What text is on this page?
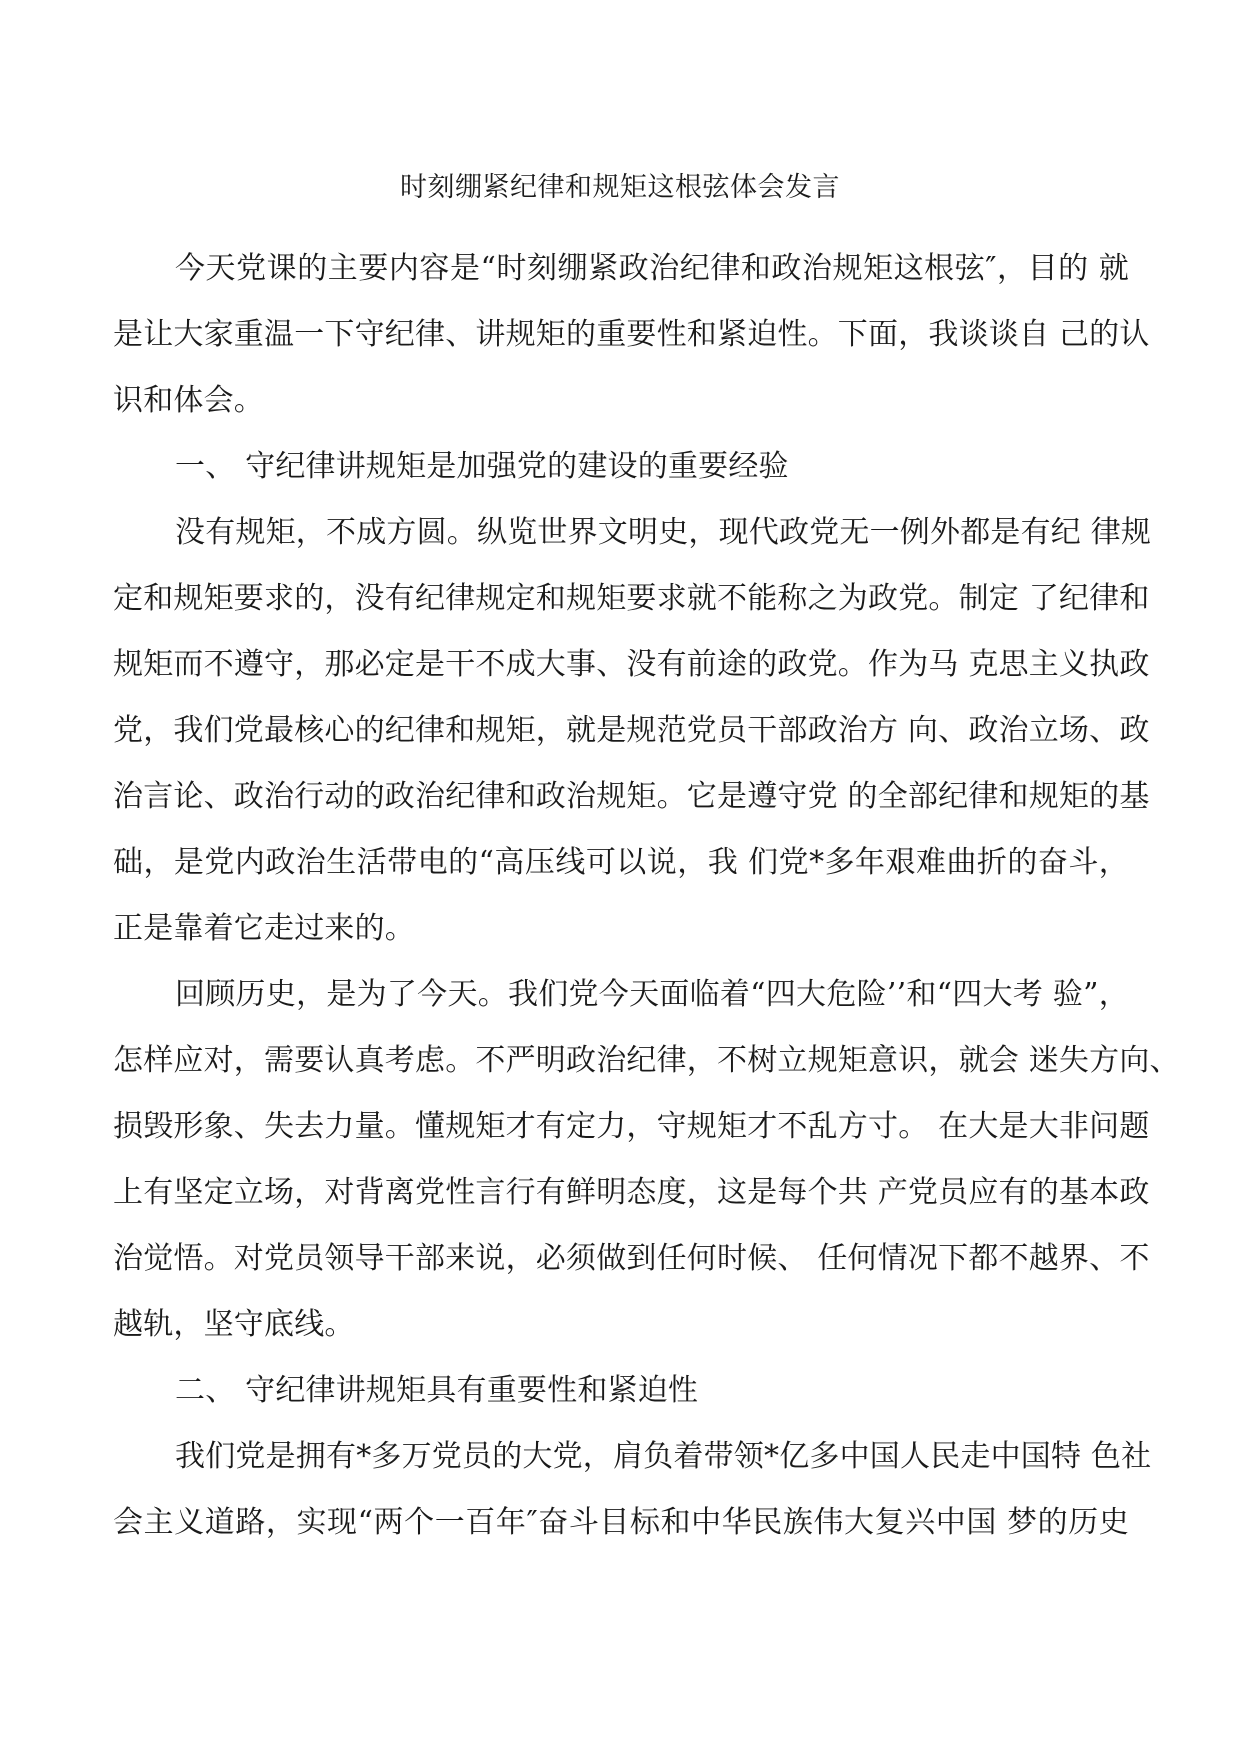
时刻绷紧纪律和规矩这根弦体会发言

今天党课的主要内容是“时刻绷紧政治纪律和政治规矩这根弦″，目的 就
是让大家重温一下守纪律、讲规矩的重要性和紧迫性。下面，我谈谈自 己的认
识和体会。

一、 守纪律讲规矩是加强党的建设的重要经验

没有规矩，不成方圆。纵览世界文明史，现代政党无一例外都是有纪 律规
定和规矩要求的，没有纪律规定和规矩要求就不能称之为政党。制定 了纪律和
规矩而不遵守，那必定是干不成大事、没有前途的政党。作为马 克思主义执政
党，我们党最核心的纪律和规矩，就是规范党员干部政治方 向、政治立场、政
治言论、政治行动的政治纪律和政治规矩。它是遵守党 的全部纪律和规矩的基
础，是党内政治生活带电的“高压线可以说，我 们党*多年艰难曲折的奋斗，
正是靠着它走过来的。

回顾历史，是为了今天。我们党今天面临着“四大危险’’和“四大考 验”，
怎样应对，需要认真考虑。不严明政治纪律，不树立规矩意识，就会 迷失方向、
损毁形象、失去力量。懂规矩才有定力，守规矩才不乱方寸。 在大是大非问题
上有坚定立场，对背离党性言行有鲜明态度，这是每个共 产党员应有的基本政
治觉悟。对党员领导干部来说，必须做到任何时候、 任何情况下都不越界、不
越轨，坚守底线。

二、 守纪律讲规矩具有重要性和紧迫性

我们党是拥有*多万党员的大党，肩负着带领*亿多中国人民走中国特 色社
会主义道路，实现“两个一百年″奋斗目标和中华民族伟大复兴中国 梦的历史
